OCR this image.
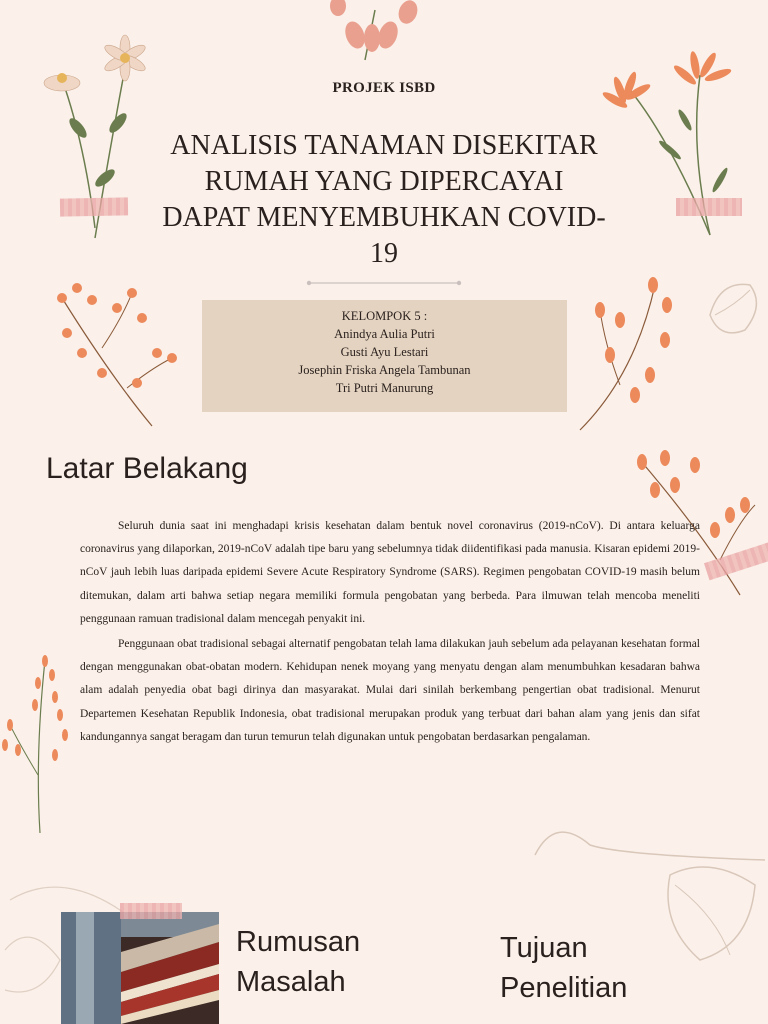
PROJEK ISBD
ANALISIS TANAMAN DISEKITAR
RUMAH YANG DIPERCAYAI
DAPAT MENYEMBUHKAN COVID-
19
KELOMPOK 5 :
Anindya Aulia Putri
Gusti Ayu Lestari
Josephin Friska Angela Tambunan
Tri Putri Manurung
Latar Belakang
Seluruh dunia saat ini menghadapi krisis kesehatan dalam bentuk novel coronavirus (2019-nCoV). Di antara keluarga coronavirus yang dilaporkan, 2019-nCoV adalah tipe baru yang sebelumnya tidak diidentifikasi pada manusia. Kisaran epidemi 2019-nCoV jauh lebih luas daripada epidemi Severe Acute Respiratory Syndrome (SARS). Regimen pengobatan COVID-19 masih belum ditemukan, dalam arti bahwa setiap negara memiliki formula pengobatan yang berbeda. Para ilmuwan telah mencoba meneliti penggunaan ramuan tradisional dalam mencegah penyakit ini.
Penggunaan obat tradisional sebagai alternatif pengobatan telah lama dilakukan jauh sebelum ada pelayanan kesehatan formal dengan menggunakan obat-obatan modern. Kehidupan nenek moyang yang menyatu dengan alam menumbuhkan kesadaran bahwa alam adalah penyedia obat bagi dirinya dan masyarakat. Mulai dari sinilah berkembang pengertian obat tradisional. Menurut Departemen Kesehatan Republik Indonesia, obat tradisional merupakan produk yang terbuat dari bahan alam yang jenis dan sifat kandungannya sangat beragam dan turun temurun telah digunakan untuk pengobatan berdasarkan pengalaman.
Rumusan
Masalah
Tujuan
Penelitian
